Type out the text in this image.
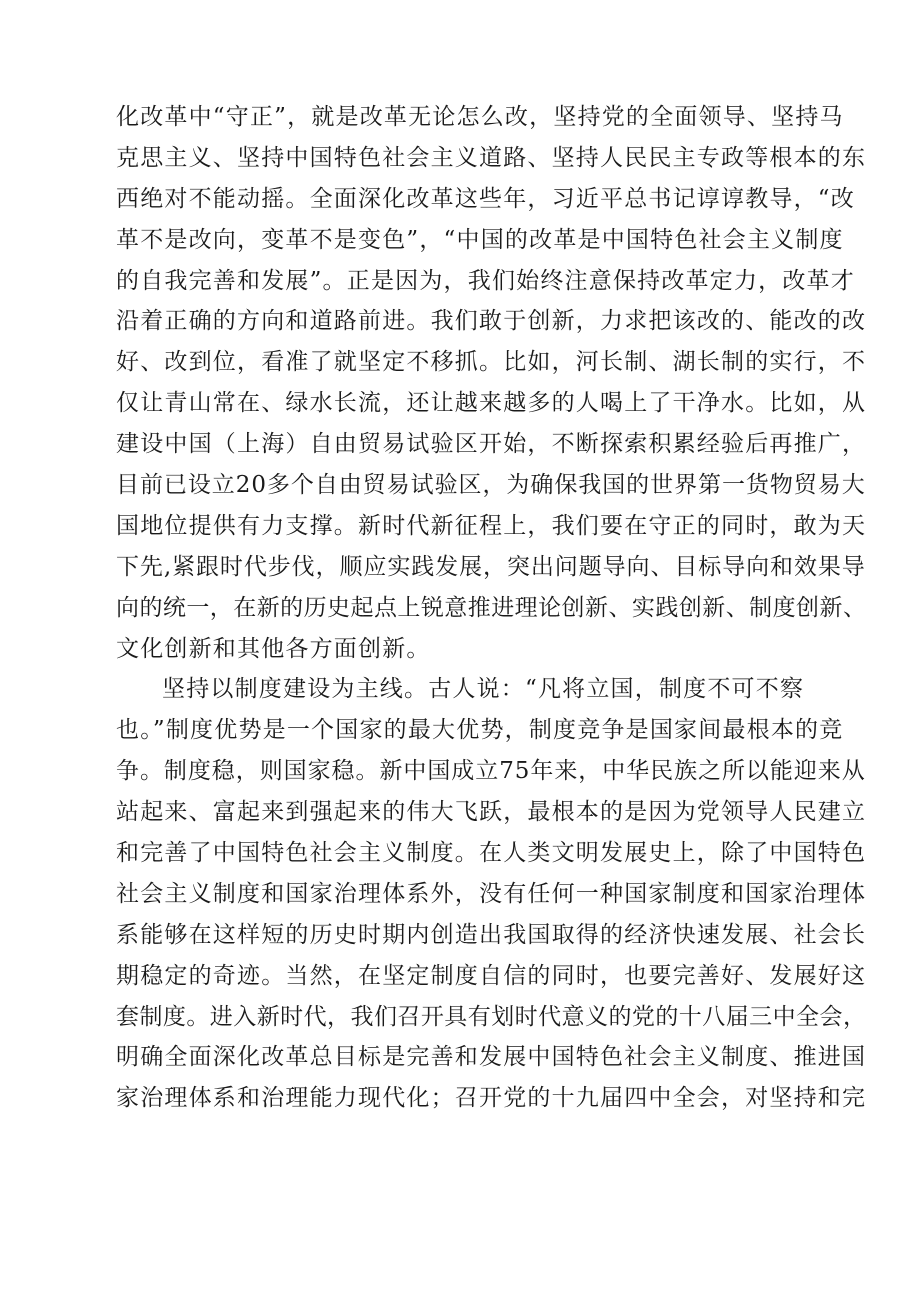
化改革中“守正”，就是改革无论怎么改，坚持党的全面领导、坚持马
克思主义、坚持中国特色社会主义道路、坚持人民民主专政等根本的东
西绝对不能动摇。全面深化改革这些年，习近平总书记谆谆教导，“改
革不是改向，变革不是变色”，“中国的改革是中国特色社会主义制度
的自我完善和发展”。正是因为，我们始终注意保持改革定力，改革才
沿着正确的方向和道路前进。我们敢于创新，力求把该改的、能改的改
好、改到位，看准了就坚定不移抓。比如，河长制、湖长制的实行，不
仅让青山常在、绿水长流，还让越来越多的人喝上了干净水。比如，从
建设中国（上海）自由贸易试验区开始，不断探索积累经验后再推广，
目前已设立20多个自由贸易试验区，为确保我国的世界第一货物贸易大
国地位提供有力支撑。新时代新征程上，我们要在守正的同时，敢为天
下先,紧跟时代步伐，顺应实践发展，突出问题导向、目标导向和效果导
向的统一，在新的历史起点上锐意推进理论创新、实践创新、制度创新、
文化创新和其他各方面创新。
坚持以制度建设为主线。古人说：“凡将立国，制度不可不察
也。”制度优势是一个国家的最大优势，制度竞争是国家间最根本的竞
争。制度稳，则国家稳。新中国成立75年来，中华民族之所以能迎来从
站起来、富起来到强起来的伟大飞跃，最根本的是因为党领导人民建立
和完善了中国特色社会主义制度。在人类文明发展史上，除了中国特色
社会主义制度和国家治理体系外，没有任何一种国家制度和国家治理体
系能够在这样短的历史时期内创造出我国取得的经济快速发展、社会长
期稳定的奇迹。当然，在坚定制度自信的同时，也要完善好、发展好这
套制度。进入新时代，我们召开具有划时代意义的党的十八届三中全会，
明确全面深化改革总目标是完善和发展中国特色社会主义制度、推进国
家治理体系和治理能力现代化；召开党的十九届四中全会，对坚持和完
